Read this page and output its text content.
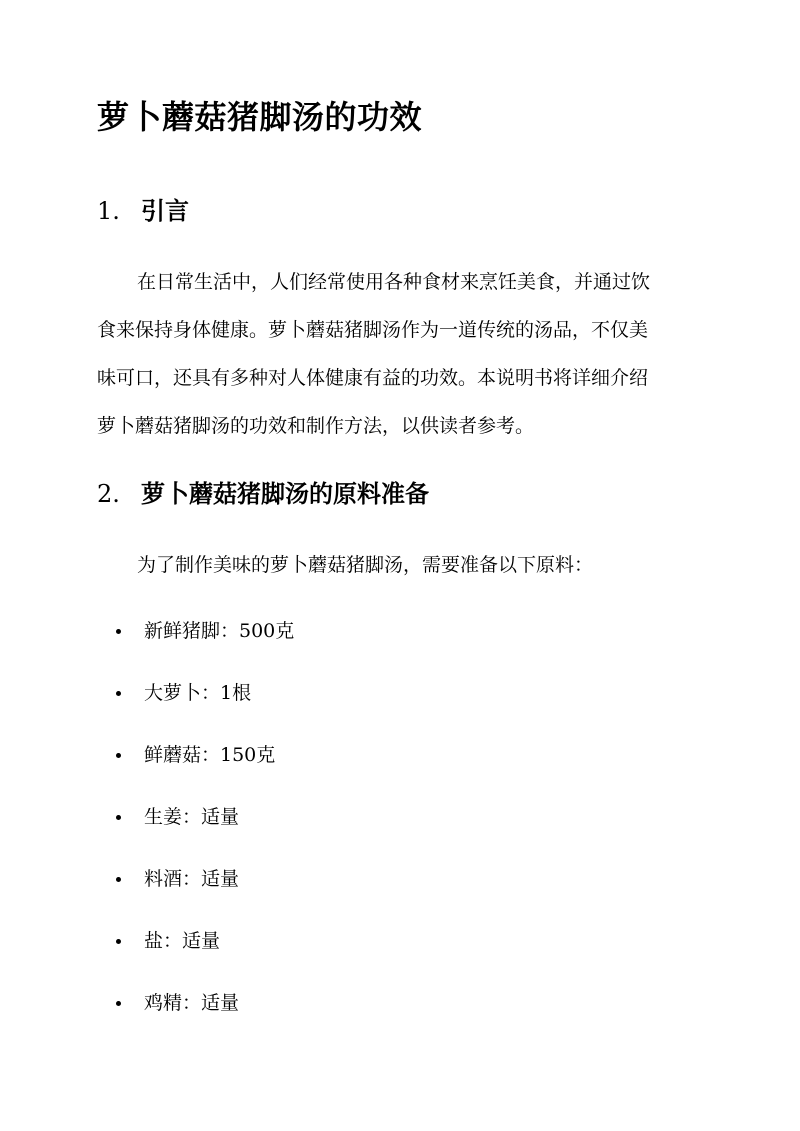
萝卜蘑菇猪脚汤的功效
1. 引言

在日常生活中，人们经常使用各种食材来烹饪美食，并通过饮
食来保持身体健康。萝卜蘑菇猪脚汤作为一道传统的汤品，不仅美
味可口，还具有多种对人体健康有益的功效。本说明书将详细介绍
萝卜蘑菇猪脚汤的功效和制作方法，以供读者参考。

2. 萝卜蘑菇猪脚汤的原料准备

为了制作美味的萝卜蘑菇猪脚汤，需要准备以下原料：

新鲜猪脚：500克
大萝卜：1根
鲜蘑菇：150克
生姜：适量
料酒：适量
盐：适量
鸡精：适量
